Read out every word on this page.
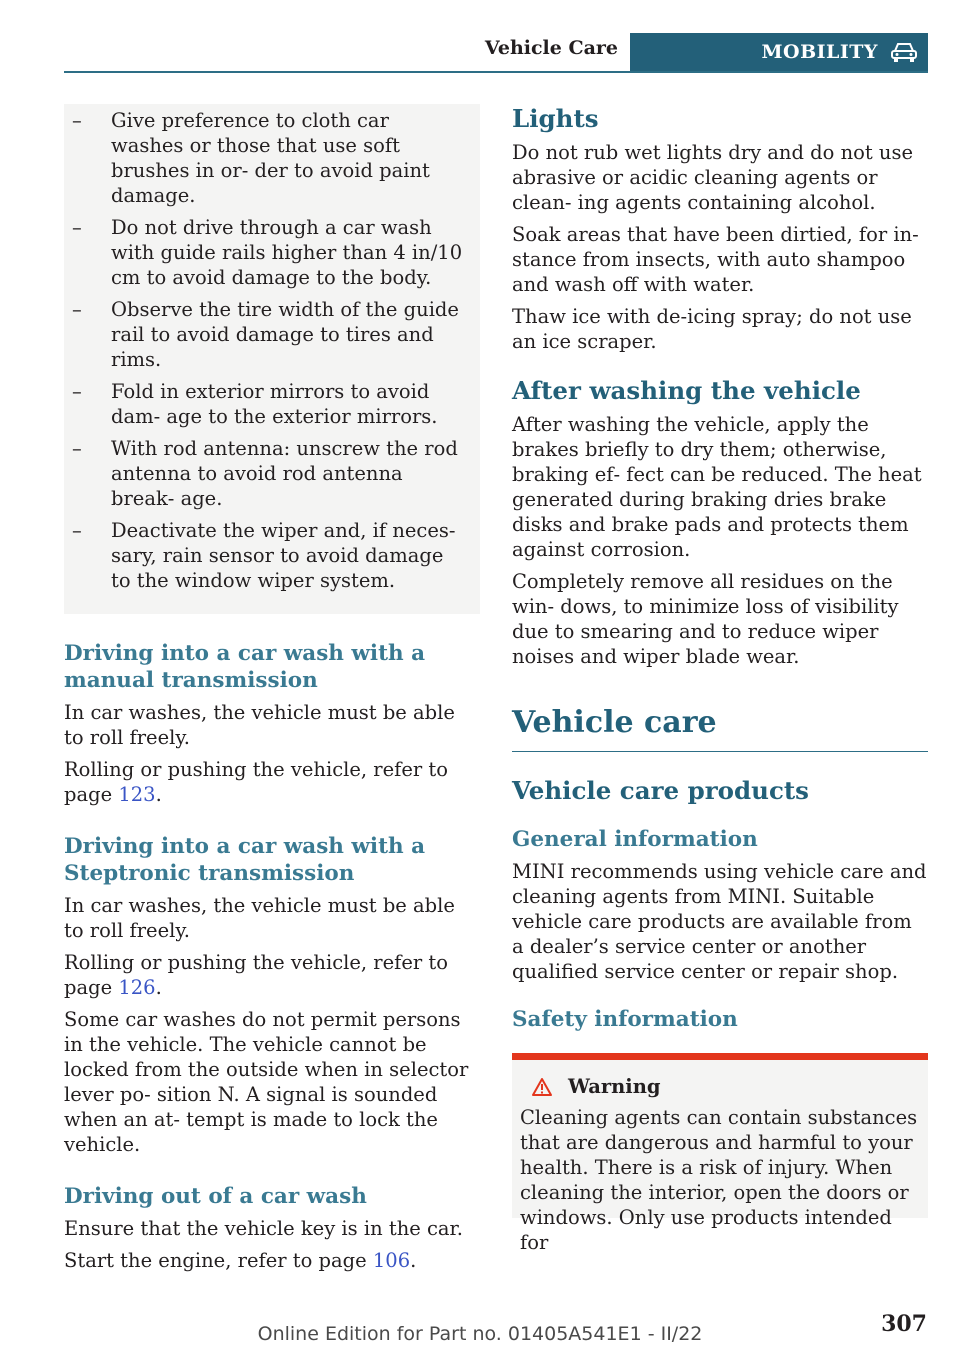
Vehicle Care	MOBILITY
– Give preference to cloth car washes or those that use soft brushes in or‐ der to avoid paint damage.
– Do not drive through a car wash with guide rails higher than 4 in/10 cm to avoid damage to the body.
– Observe the tire width of the guide rail to avoid damage to tires and rims.
– Fold in exterior mirrors to avoid dam‐ age to the exterior mirrors.
– With rod antenna: unscrew the rod antenna to avoid rod antenna break‐ age.
– Deactivate the wiper and, if neces‐ sary, rain sensor to avoid damage to the window wiper system.
Driving into a car wash with a manual transmission

In car washes, the vehicle must be able to roll freely.

Rolling or pushing the vehicle, refer to page 123.

Driving into a car wash with a Steptronic transmission

In car washes, the vehicle must be able to roll freely.

Rolling or pushing the vehicle, refer to page 126.

Some car washes do not permit persons in the vehicle. The vehicle cannot be locked from the outside when in selector lever po‐ sition N. A signal is sounded when an at‐ tempt is made to lock the vehicle.

Driving out of a car wash

Ensure that the vehicle key is in the car.

Start the engine, refer to page 106.

Lights

Do not rub wet lights dry and do not use abrasive or acidic cleaning agents or clean‐ ing agents containing alcohol.

Soak areas that have been dirtied, for in‐ stance from insects, with auto shampoo and wash off with water.

Thaw ice with de-icing spray; do not use an ice scraper.

After washing the vehicle

After washing the vehicle, apply the brakes briefly to dry them; otherwise, braking ef‐ fect can be reduced. The heat generated during braking dries brake disks and brake pads and protects them against corrosion.

Completely remove all residues on the win‐ dows, to minimize loss of visibility due to smearing and to reduce wiper noises and wiper blade wear.

Vehicle care
Vehicle care products
General information

MINI recommends using vehicle care and cleaning agents from MINI. Suitable vehicle care products are available from a dealer’s service center or another qualified service center or repair shop.

Safety information
Warning

Cleaning agents can contain substances that are dangerous and harmful to your health. There is a risk of injury. When cleaning the interior, open the doors or windows. Only use products intended for

307
Online Edition for Part no. 01405A541E1 - II/22
